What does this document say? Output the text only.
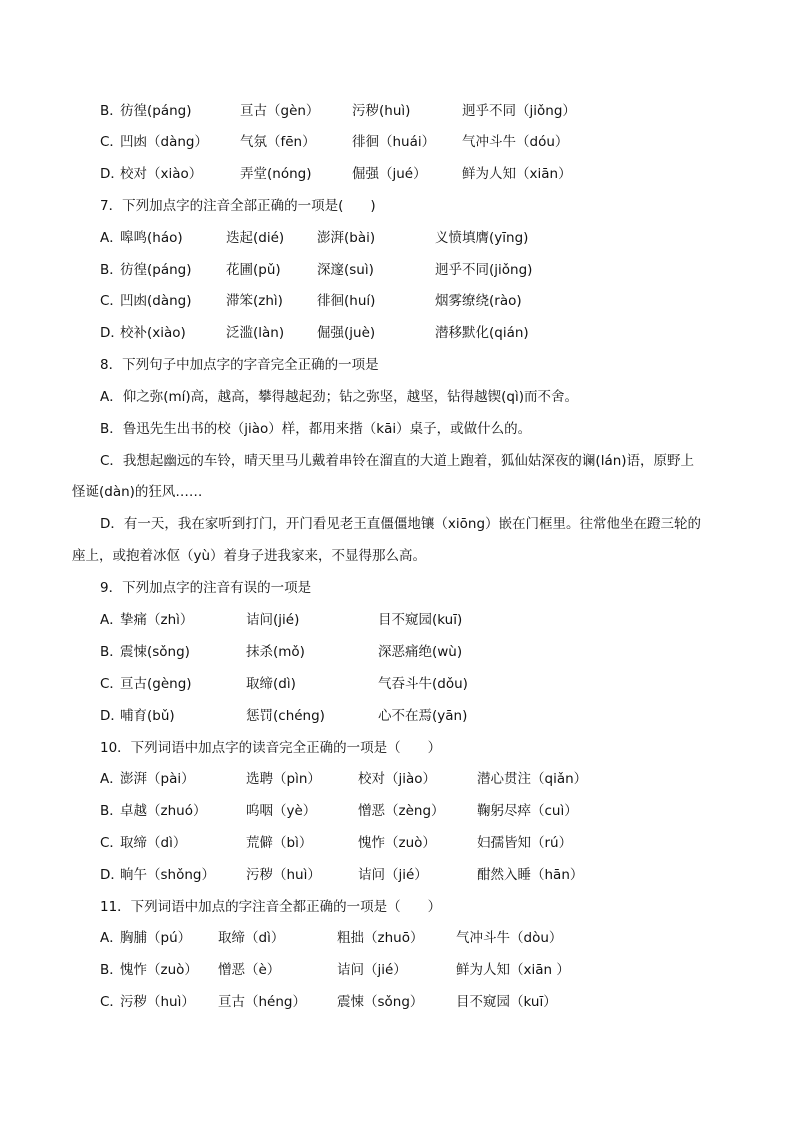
B．
彷徨(páng)	亘古（gèn） 污秽(huì)	迥乎不同（jiǒng）
C．
凹凼（dàng） 气氛（fēn）	徘徊（huái） 气冲斗牛（dóu）
D．
校对（xiào）	弄堂(nóng)	倔强（jué）	鲜为人知（xiān）
7．下列加点字的注音全部正确的一项是(　　)
A．
嗥鸣(háo)	迭起(dié) 澎湃(bài)	义愤填膺(yīng)
B．
彷徨(páng)	花圃(pǔ)	深邃(suì)	迥乎不同(jiǒng)
C．
凹凼(dàng)	滞笨(zhì)	徘徊(huí)	烟雾缭绕(rào)
D．
校补(xiào)	泛滥(làn) 倔强(juè)	潜移默化(qián)
8．下列句子中加点字的字音完全正确的一项是
A．仰之弥(mí)高，越高，攀得越起劲；钻之弥坚，越坚，钻得越锲(qì)而不舍。
B．鲁迅先生出书的校（jiào）样，都用来揩（kāi）桌子，或做什么的。
C．我想起幽远的车铃，晴天里马儿戴着串铃在溜直的大道上跑着，狐仙姑深夜的谰(lán)语，原野上
怪诞(dàn)的狂风……
D．有一天，我在家听到打门，开门看见老王直僵僵地镶（xiōng）嵌在门框里。往常他坐在蹬三轮的
座上，或抱着冰伛（yù）着身子进我家来，不显得那么高。
9．下列加点字的注音有误的一项是
A．
挚痛（zhì）	诘问(jié)	目不窥园(kuī)
B．
震悚(sǒng)	抹杀(mǒ)	深恶痛绝(wù)
C．
亘古(gèng)	取缔(dì)	气吞斗牛(dǒu)
D．
哺育(bǔ)	惩罚(chéng)	心不在焉(yān)
10．下列词语中加点字的读音完全正确的一项是（　　）
A．
澎湃（pài）	选聘（pìn）	校对（jiào）	潜心贯注（qiǎn）
B．
卓越（zhuó）	呜咽（yè）	憎恶（zèng） 鞠躬尽瘁（cuì）
C．
取缔（dì）	荒僻（bì）	愧怍（zuò）	妇孺皆知（rú）
D．
晌午（shǒng） 污秽（huì）	诘问（jié）	酣然入睡（hān）
11．下列词语中加点的字注音全都正确的一项是（　　）
A．
胸脯（pú） 取缔（dì）	粗拙（zhuō） 气冲斗牛（dòu）
B．
愧怍（zuò） 憎恶（è）	诘问（jié）	鲜为人知（xiān ）
C．
污秽（huì） 亘古（héng） 震悚（sǒng） 目不窥园（kuī）
